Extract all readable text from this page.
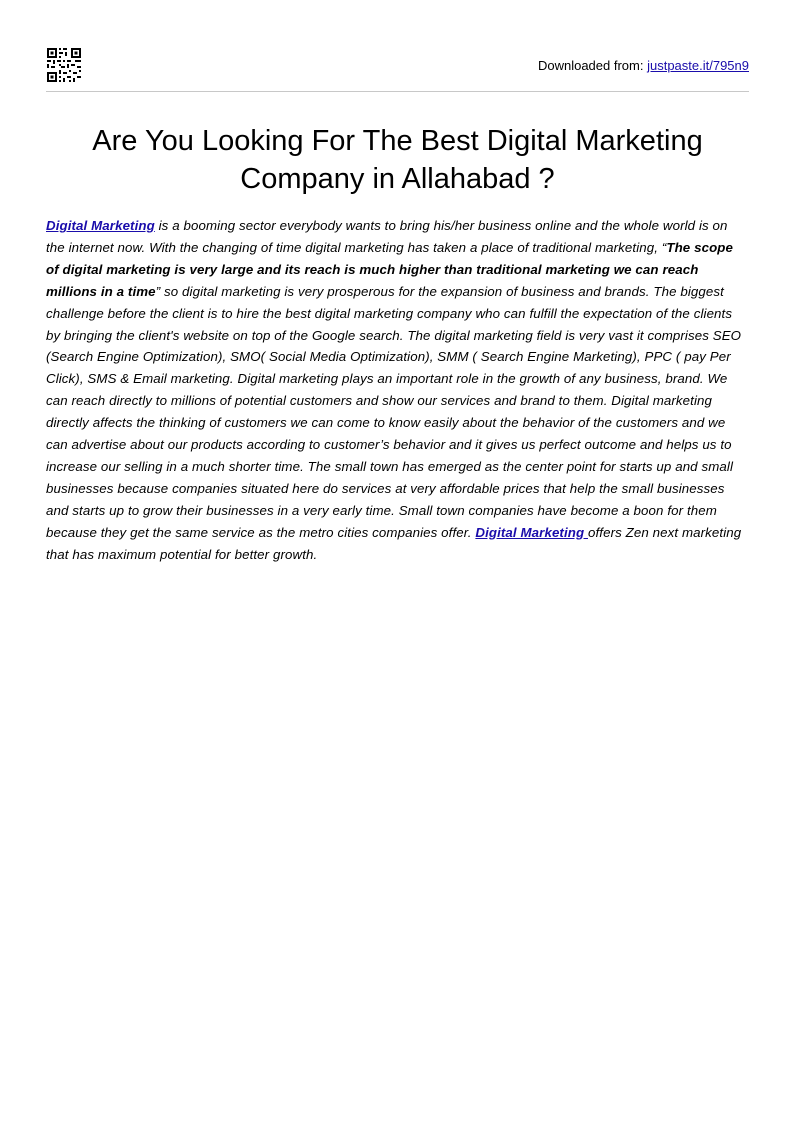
Downloaded from: justpaste.it/795n9
Are You Looking For The Best Digital Marketing
Company in Allahabad ?

Digital Marketing is a booming sector everybody wants to bring his/her business online and the whole world is on the internet now. With the changing of time digital marketing has taken a place of traditional marketing, “The scope of digital marketing is very large and its reach is much higher than traditional marketing we can reach millions in a time” so digital marketing is very prosperous for the expansion of business and brands. The biggest challenge before the client is to hire the best digital marketing company who can fulfill the expectation of the clients by bringing the client's website on top of the Google search. The digital marketing field is very vast it comprises SEO (Search Engine Optimization), SMO( Social Media Optimization), SMM ( Search Engine Marketing), PPC ( pay Per Click), SMS & Email marketing. Digital marketing plays an important role in the growth of any business, brand. We can reach directly to millions of potential customers and show our services and brand to them. Digital marketing directly affects the thinking of customers we can come to know easily about the behavior of the customers and we can advertise about our products according to customer’s behavior and it gives us perfect outcome and helps us to increase our selling in a much shorter time. The small town has emerged as the center point for starts up and small businesses because companies situated here do services at very affordable prices that help the small businesses and starts up to grow their businesses in a very early time. Small town companies have become a boon for them because they get the same service as the metro cities companies offer. Digital Marketing offers Zen next marketing that has maximum potential for better growth.
